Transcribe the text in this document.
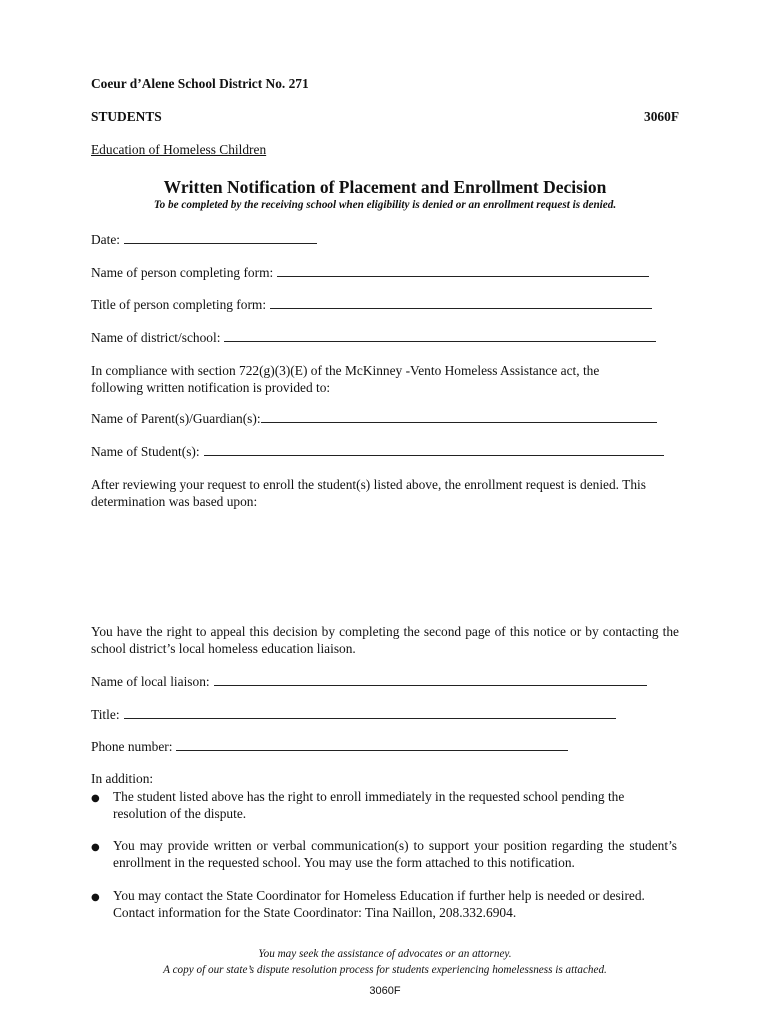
Coeur d’Alene School District No. 271
STUDENTS	3060F
Education of Homeless Children
Written Notification of Placement and Enrollment Decision
To be completed by the receiving school when eligibility is denied or an enrollment request is denied.
Date:
Name of person completing form:
Title of person completing form:
Name of district/school:
In compliance with section 722(g)(3)(E) of the McKinney -Vento Homeless Assistance act, the following written notification is provided to:
Name of Parent(s)/Guardian(s):
Name of Student(s):
After reviewing your request to enroll the student(s) listed above, the enrollment request is denied. This determination was based upon:
You have the right to appeal this decision by completing the second page of this notice or by contacting the school district’s local homeless education liaison.
Name of local liaison:
Title:
Phone number:
In addition:
● The student listed above has the right to enroll immediately in the requested school pending the resolution of the dispute.
● You may provide written or verbal communication(s) to support your position regarding the student’s enrollment in the requested school. You may use the form attached to this notification.
● You may contact the State Coordinator for Homeless Education if further help is needed or desired. Contact information for the State Coordinator: Tina Naillon, 208.332.6904.
You may seek the assistance of advocates or an attorney.
A copy of our state’s dispute resolution process for students experiencing homelessness is attached.
3060F
